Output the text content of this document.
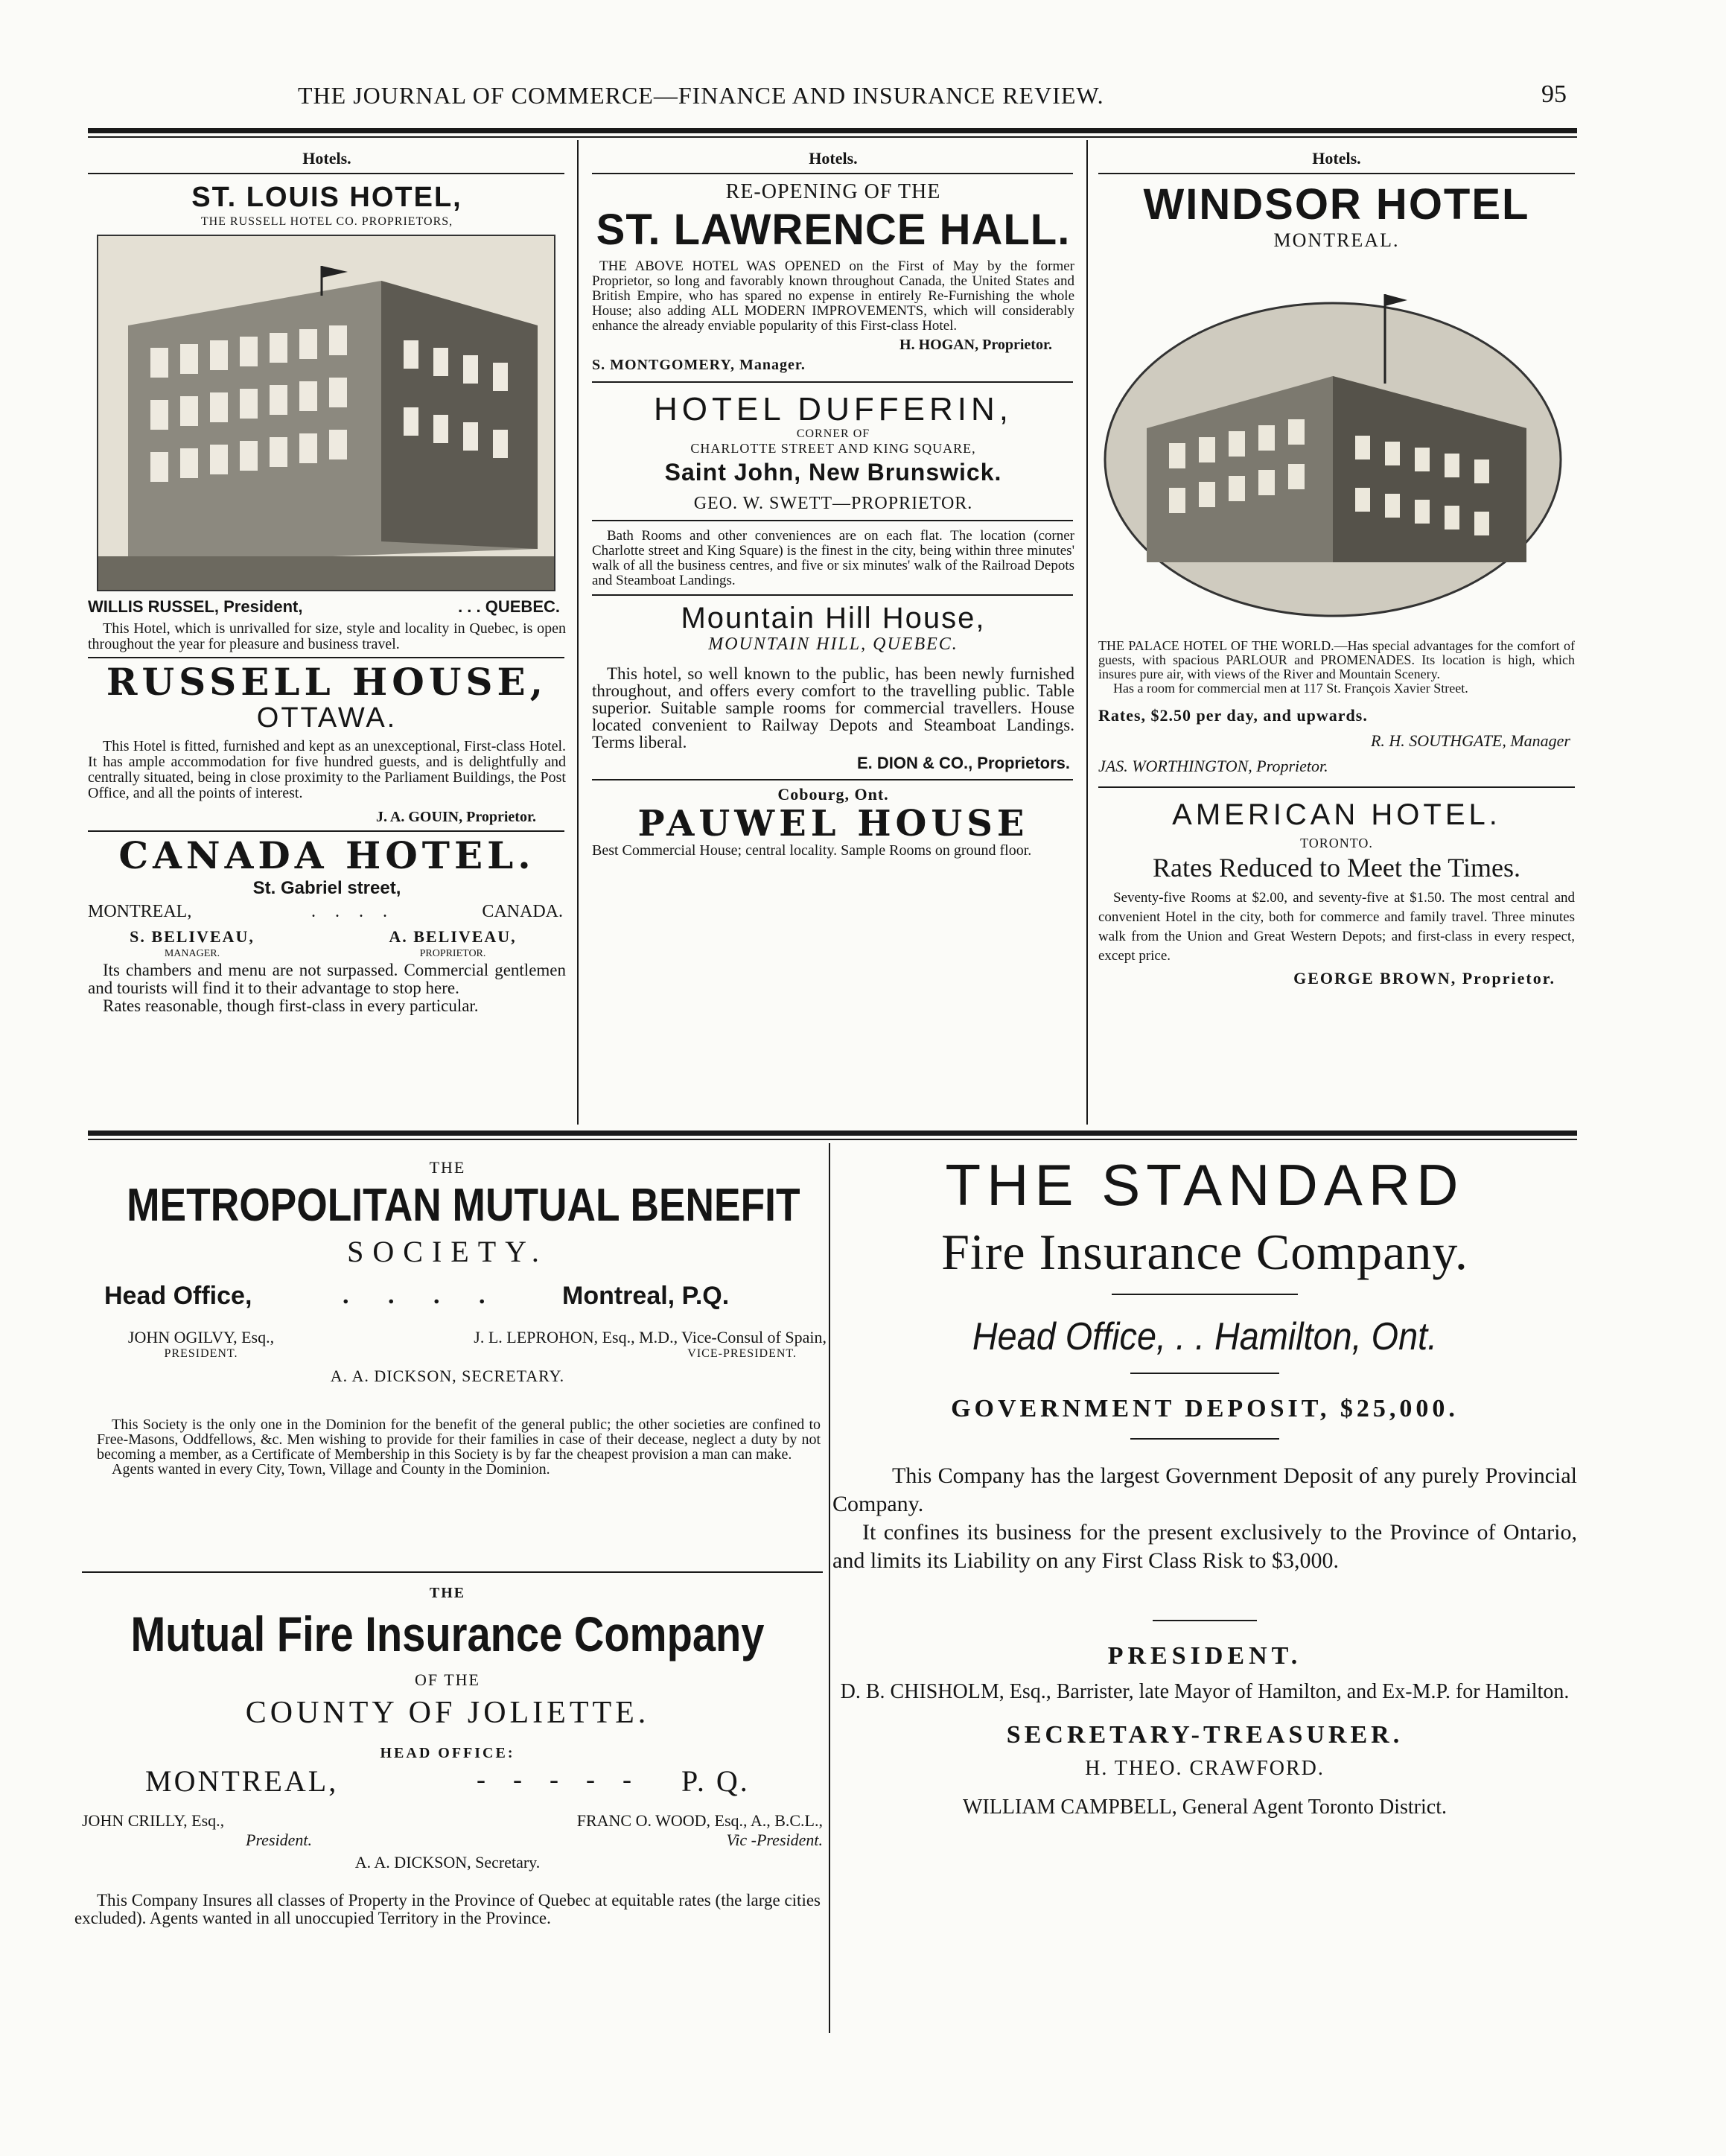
THE JOURNAL OF COMMERCE—FINANCE AND INSURANCE REVIEW.	95
Hotels.
ST. LOUIS HOTEL,
THE RUSSELL HOTEL CO. PROPRIETORS,
WILLIS RUSSEL, President,	. . . QUEBEC.

This Hotel, which is unrivalled for size, style and locality in Quebec, is open throughout the year for pleasure and business travel.

RUSSELL HOUSE,
OTTAWA.

This Hotel is fitted, furnished and kept as an unexceptional, First-class Hotel. It has ample accommodation for five hundred guests, and is delightfully and centrally situated, being in close proximity to the Parliament Buildings, the Post Office, and all the points of interest.

J. A. GOUIN, Proprietor.

CANADA HOTEL.
St. Gabriel street,
MONTREAL,	. . . .	CANADA.
S. BELIVEAU,
MANAGER.
A. BELIVEAU,
PROPRIETOR.

Its chambers and menu are not surpassed. Commercial gentlemen and tourists will find it to their advantage to stop here.

Rates reasonable, though first-class in every particular.

Hotels.
RE-OPENING OF THE
ST. LAWRENCE HALL.

THE ABOVE HOTEL WAS OPENED on the First of May by the former Proprietor, so long and favorably known throughout Canada, the United States and British Empire, who has spared no expense in entirely Re-Furnishing the whole House; also adding ALL MODERN IMPROVEMENTS, which will considerably enhance the already enviable popularity of this First-class Hotel.

H. HOGAN, Proprietor.

S. MONTGOMERY, Manager.

HOTEL DUFFERIN,
CORNER OF
CHARLOTTE STREET AND KING SQUARE,
Saint John, New Brunswick.
GEO. W. SWETT—PROPRIETOR.

Bath Rooms and other conveniences are on each flat. The location (corner Charlotte street and King Square) is the finest in the city, being within three minutes' walk of all the business centres, and five or six minutes' walk of the Railroad Depots and Steamboat Landings.

Mountain Hill House,
MOUNTAIN HILL, QUEBEC.

This hotel, so well known to the public, has been newly furnished throughout, and offers every comfort to the travelling public. Table superior. Suitable sample rooms for commercial travellers. House located convenient to Railway Depots and Steamboat Landings. Terms liberal.

E. DION & CO., Proprietors.

Cobourg, Ont.
PAUWEL HOUSE

Best Commercial House; central locality. Sample Rooms on ground floor.

Hotels.
WINDSOR HOTEL
MONTREAL.

THE PALACE HOTEL OF THE WORLD.—Has special advantages for the comfort of guests, with spacious PARLOUR and PROMENADES. Its location is high, which insures pure air, with views of the River and Mountain Scenery.

Has a room for commercial men at 117 St. François Xavier Street.

Rates, $2.50 per day, and upwards.

R. H. SOUTHGATE, Manager

JAS. WORTHINGTON, Proprietor.

AMERICAN HOTEL.
TORONTO.
Rates Reduced to Meet the Times.

Seventy-five Rooms at $2.00, and seventy-five at $1.50. The most central and convenient Hotel in the city, both for commerce and family travel. Three minutes walk from the Union and Great Western Depots; and first-class in every respect, except price.

GEORGE BROWN, Proprietor.

THE
METROPOLITAN MUTUAL BENEFIT
SOCIETY.
Head Office,	. . . . Montreal, P.Q.
JOHN OGILVY, Esq.,
PRESIDENT.
J. L. LEPROHON, Esq., M.D., Vice-Consul of Spain,
VICE-PRESIDENT.
A. A. DICKSON, SECRETARY.

This Society is the only one in the Dominion for the benefit of the general public; the other societies are confined to Free-Masons, Oddfellows, &c. Men wishing to provide for their families in case of their decease, neglect a duty by not becoming a member, as a Certificate of Membership in this Society is by far the cheapest provision a man can make.

Agents wanted in every City, Town, Village and County in the Dominion.

THE
Mutual Fire Insurance Company
OF THE
COUNTY OF JOLIETTE.
HEAD OFFICE:
MONTREAL,	- - - - - P. Q.
JOHN CRILLY, Esq.,
President.
FRANC O. WOOD, Esq., A., B.C.L.,
Vic -President.
A. A. DICKSON, Secretary.

This Company Insures all classes of Property in the Province of Quebec at equitable rates (the large cities excluded). Agents wanted in all unoccupied Territory in the Province.

THE STANDARD
Fire Insurance Company.
Head Office, . . Hamilton, Ont.
GOVERNMENT DEPOSIT, $25,000.

This Company has the largest Government Deposit of any purely Provincial Company.

It confines its business for the present exclusively to the Province of Ontario, and limits its Liability on any First Class Risk to $3,000.

PRESIDENT.

D. B. CHISHOLM, Esq., Barrister, late Mayor of Hamilton, and Ex-M.P. for Hamilton.

SECRETARY-TREASURER.
H. THEO. CRAWFORD.
WILLIAM CAMPBELL, General Agent Toronto District.
